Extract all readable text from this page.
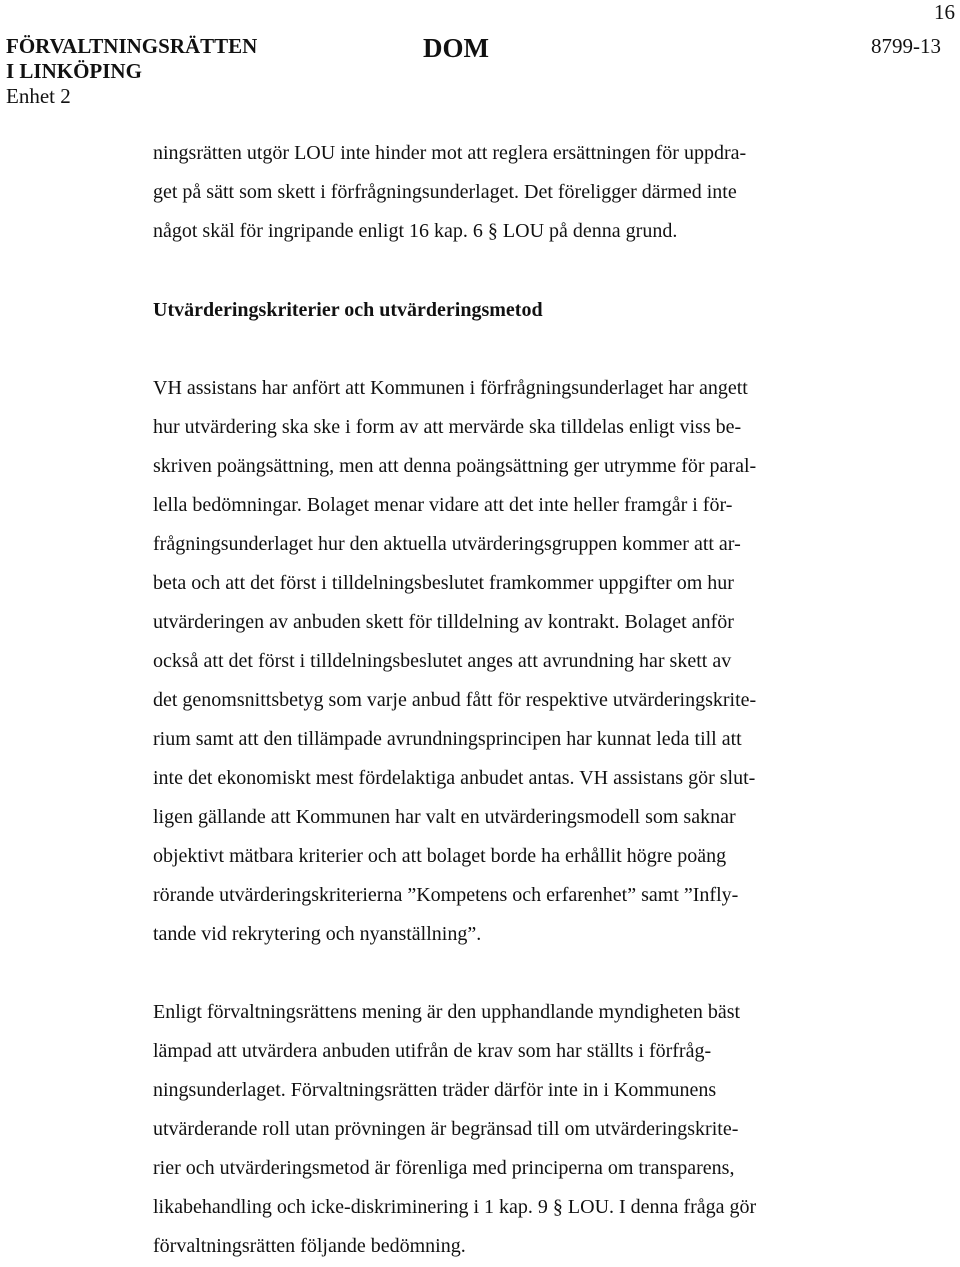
16
FÖRVALTNINGSRÄTTEN
I LINKÖPING
Enhet 2
DOM	8799-13

ningsrätten utgör LOU inte hinder mot att reglera ersättningen för uppdra-
get på sätt som skett i förfrågningsunderlaget. Det föreligger därmed inte
något skäl för ingripande enligt 16 kap. 6 § LOU på denna grund.

Utvärderingskriterier och utvärderingsmetod

VH assistans har anfört att Kommunen i förfrågningsunderlaget har angett
hur utvärdering ska ske i form av att mervärde ska tilldelas enligt viss be-
skriven poängsättning, men att denna poängsättning ger utrymme för paral-
lella bedömningar. Bolaget menar vidare att det inte heller framgår i för-
frågningsunderlaget hur den aktuella utvärderingsgruppen kommer att ar-
beta och att det först i tilldelningsbeslutet framkommer uppgifter om hur
utvärderingen av anbuden skett för tilldelning av kontrakt. Bolaget anför
också att det först i tilldelningsbeslutet anges att avrundning har skett av
det genomsnittsbetyg som varje anbud fått för respektive utvärderingskrite-
rium samt att den tillämpade avrundningsprincipen har kunnat leda till att
inte det ekonomiskt mest fördelaktiga anbudet antas. VH assistans gör slut-
ligen gällande att Kommunen har valt en utvärderingsmodell som saknar
objektivt mätbara kriterier och att bolaget borde ha erhållit högre poäng
rörande utvärderingskriterierna ”Kompetens och erfarenhet” samt ”Infly-
tande vid rekrytering och nyanställning”.

Enligt förvaltningsrättens mening är den upphandlande myndigheten bäst
lämpad att utvärdera anbuden utifrån de krav som har ställts i förfråg-
ningsunderlaget. Förvaltningsrätten träder därför inte in i Kommunens
utvärderande roll utan prövningen är begränsad till om utvärderingskrite-
rier och utvärderingsmetod är förenliga med principerna om transparens,
likabehandling och icke-diskriminering i 1 kap. 9 § LOU. I denna fråga gör
förvaltningsrätten följande bedömning.
